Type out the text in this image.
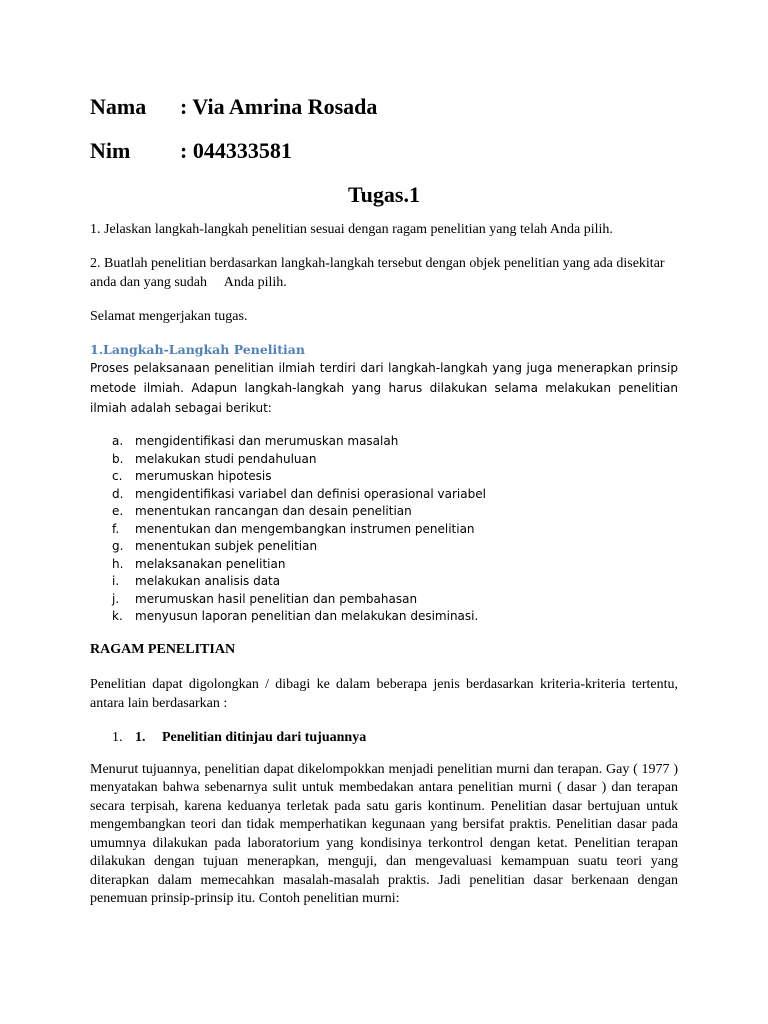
Nama : Via Amrina Rosada
Nim : 044333581
Tugas.1

1. Jelaskan langkah-langkah penelitian sesuai dengan ragam penelitian yang telah Anda pilih.

2. Buatlah penelitian berdasarkan langkah-langkah tersebut dengan objek penelitian yang ada disekitar anda dan yang sudah     Anda pilih.

Selamat mengerjakan tugas.

1.Langkah-Langkah Penelitian

Proses pelaksanaan penelitian ilmiah terdiri dari langkah-langkah yang juga menerapkan prinsip metode ilmiah. Adapun langkah-langkah yang harus dilakukan selama melakukan penelitian ilmiah adalah sebagai berikut:

a. mengidentifikasi dan merumuskan masalah
b. melakukan studi pendahuluan
c.	merumuskan hipotesis
d. mengidentifikasi variabel dan definisi operasional variabel
e. menentukan rancangan dan desain penelitian
f.	menentukan dan mengembangkan instrumen penelitian
g. menentukan subjek penelitian
h. melaksanakan penelitian
i.	melakukan analisis data
j.	merumuskan hasil penelitian dan pembahasan
k.	menyusun laporan penelitian dan melakukan desiminasi.

RAGAM PENELITIAN

Penelitian dapat digolongkan / dibagi ke dalam beberapa jenis berdasarkan kriteria-kriteria tertentu, antara lain berdasarkan :

1. 1.	Penelitian ditinjau dari tujuannya

Menurut tujuannya, penelitian dapat dikelompokkan menjadi penelitian murni dan terapan. Gay ( 1977 ) menyatakan bahwa sebenarnya sulit untuk membedakan antara penelitian murni ( dasar ) dan terapan secara terpisah, karena keduanya terletak pada satu garis kontinum. Penelitian dasar bertujuan untuk mengembangkan teori dan tidak memperhatikan kegunaan yang bersifat praktis. Penelitian dasar pada umumnya dilakukan pada laboratorium yang kondisinya terkontrol dengan ketat. Penelitian terapan dilakukan dengan tujuan menerapkan, menguji, dan mengevaluasi kemampuan suatu teori yang diterapkan dalam memecahkan masalah-masalah praktis. Jadi penelitian dasar berkenaan dengan penemuan prinsip-prinsip itu. Contoh penelitian murni:
